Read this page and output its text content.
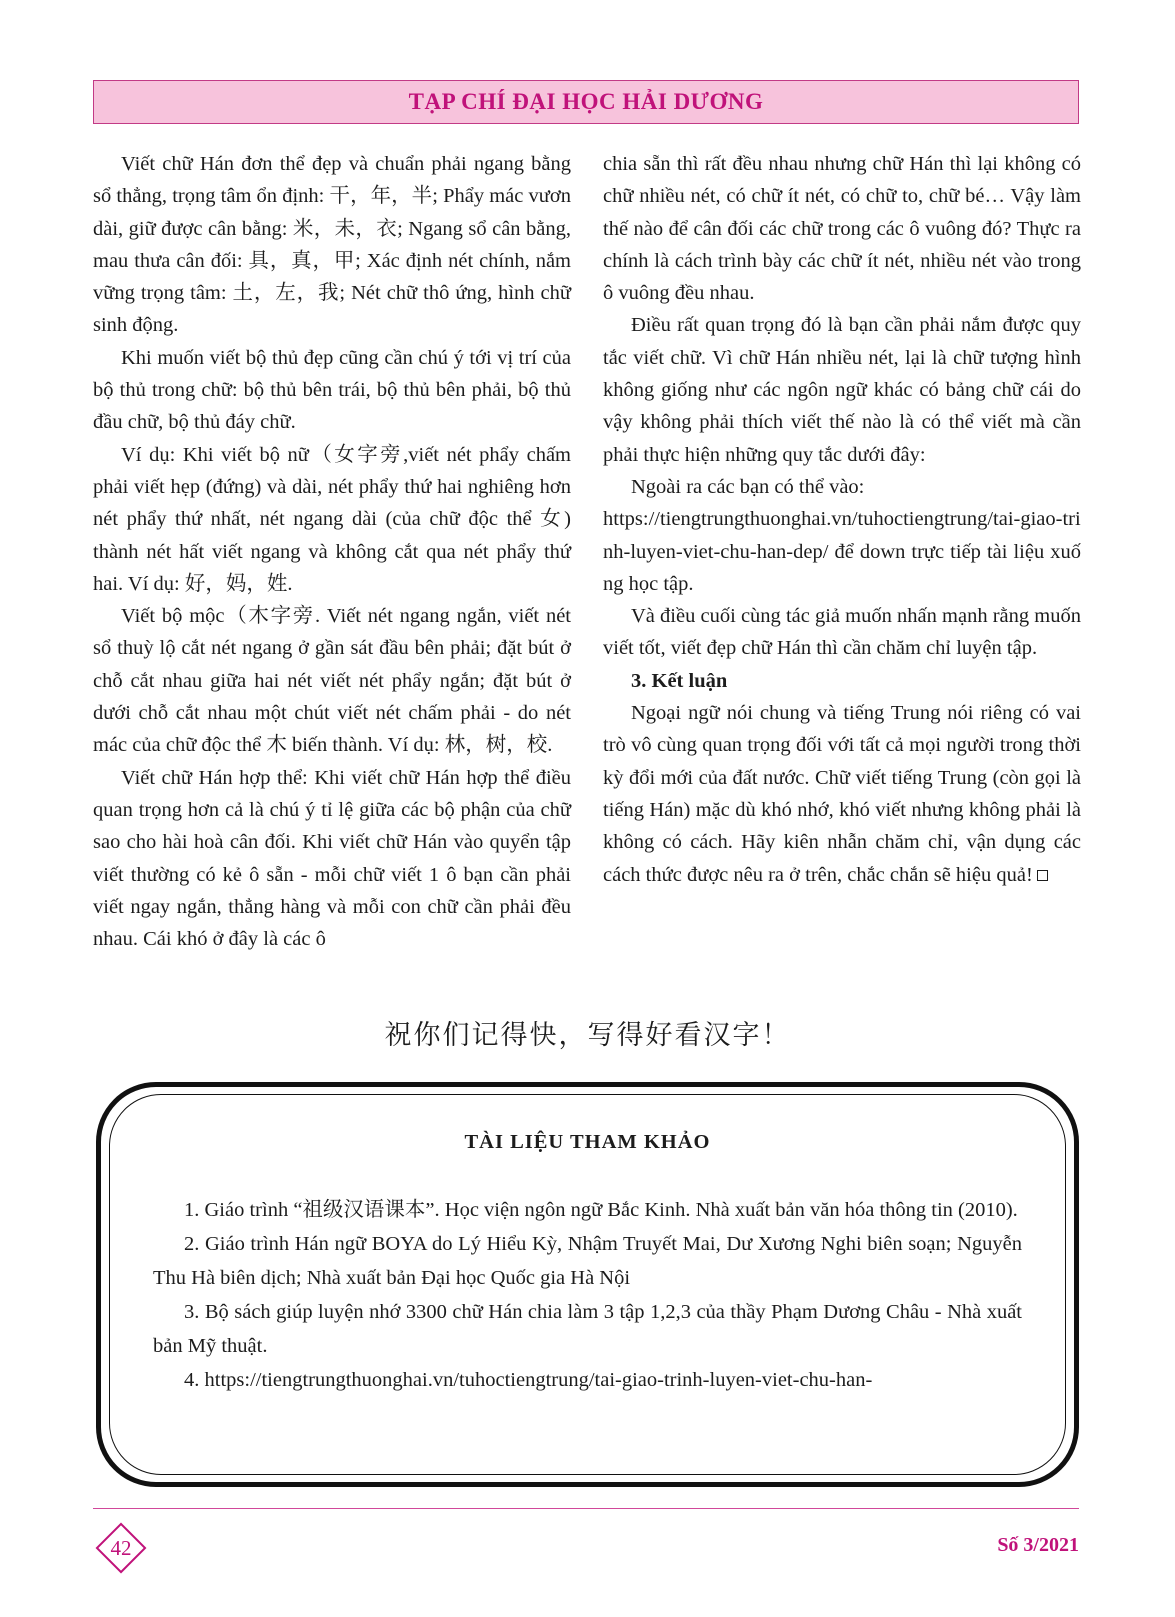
TẠP CHÍ ĐẠI HỌC HẢI DƯƠNG

Viết chữ Hán đơn thể đẹp và chuẩn phải ngang bằng sổ thẳng, trọng tâm ổn định: 干，年，半; Phẩy mác vươn dài, giữ được cân bằng: 米，未，衣; Ngang sổ cân bằng, mau thưa cân đối: 具，真，甲; Xác định nét chính, nắm vững trọng tâm: 土，左，我; Nét chữ thô ứng, hình chữ sinh động.

Khi muốn viết bộ thủ đẹp cũng cần chú ý tới vị trí của bộ thủ trong chữ: bộ thủ bên trái, bộ thủ bên phải, bộ thủ đầu chữ, bộ thủ đáy chữ.

Ví dụ: Khi viết bộ nữ（女字旁,viết nét phẩy chấm phải viết hẹp (đứng) và dài, nét phẩy thứ hai nghiêng hơn nét phẩy thứ nhất, nét ngang dài (của chữ độc thể 女) thành nét hất viết ngang và không cắt qua nét phẩy thứ hai. Ví dụ: 好，妈，姓.

Viết bộ mộc（木字旁. Viết nét ngang ngắn, viết nét sổ thuỳ lộ cắt nét ngang ở gần sát đầu bên phải; đặt bút ở chỗ cắt nhau giữa hai nét viết nét phẩy ngắn; đặt bút ở dưới chỗ cắt nhau một chút viết nét chấm phải - do nét mác của chữ độc thể 木 biến thành. Ví dụ: 林，树，校.

Viết chữ Hán hợp thể: Khi viết chữ Hán hợp thể điều quan trọng hơn cả là chú ý tỉ lệ giữa các bộ phận của chữ sao cho hài hoà cân đối. Khi viết chữ Hán vào quyển tập viết thường có kẻ ô sẵn - mỗi chữ viết 1 ô bạn cần phải viết ngay ngắn, thẳng hàng và mỗi con chữ cần phải đều nhau. Cái khó ở đây là các ô

chia sẵn thì rất đều nhau nhưng chữ Hán thì lại không có chữ nhiều nét, có chữ ít nét, có chữ to, chữ bé… Vậy làm thế nào để cân đối các chữ trong các ô vuông đó? Thực ra chính là cách trình bày các chữ ít nét, nhiều nét vào trong ô vuông đều nhau.

Điều rất quan trọng đó là bạn cần phải nắm được quy tắc viết chữ. Vì chữ Hán nhiều nét, lại là chữ tượng hình không giống như các ngôn ngữ khác có bảng chữ cái do vậy không phải thích viết thế nào là có thể viết mà cần phải thực hiện những quy tắc dưới đây:

Ngoài ra các bạn có thể vào:

https://tiengtrungthuonghai.vn/tuhoctiengtrung/tai-giao-trinh-luyen-viet-chu-han-dep/ để down trực tiếp tài liệu xuống học tập.

Và điều cuối cùng tác giả muốn nhấn mạnh rằng muốn viết tốt, viết đẹp chữ Hán thì cần chăm chỉ luyện tập.

3. Kết luận

Ngoại ngữ nói chung và tiếng Trung nói riêng có vai trò vô cùng quan trọng đối với tất cả mọi người trong thời kỳ đổi mới của đất nước. Chữ viết tiếng Trung (còn gọi là tiếng Hán) mặc dù khó nhớ, khó viết nhưng không phải là không có cách. Hãy kiên nhẫn chăm chỉ, vận dụng các cách thức được nêu ra ở trên, chắc chắn sẽ hiệu quả!

祝你们记得快，写得好看汉字！
TÀI LIỆU THAM KHẢO

1. Giáo trình “祖级汉语课本”. Học viện ngôn ngữ Bắc Kinh. Nhà xuất bản văn hóa thông tin (2010).

2. Giáo trình Hán ngữ BOYA do Lý Hiểu Kỳ, Nhậm Truyết Mai, Dư Xương Nghi biên soạn; Nguyễn Thu Hà biên dịch; Nhà xuất bản Đại học Quốc gia Hà Nội

3. Bộ sách giúp luyện nhớ 3300 chữ Hán chia làm 3 tập 1,2,3 của thầy Phạm Dương Châu - Nhà xuất bản Mỹ thuật.

4. https://tiengtrungthuonghai.vn/tuhoctiengtrung/tai-giao-trinh-luyen-viet-chu-han-

42	Số 3/2021
